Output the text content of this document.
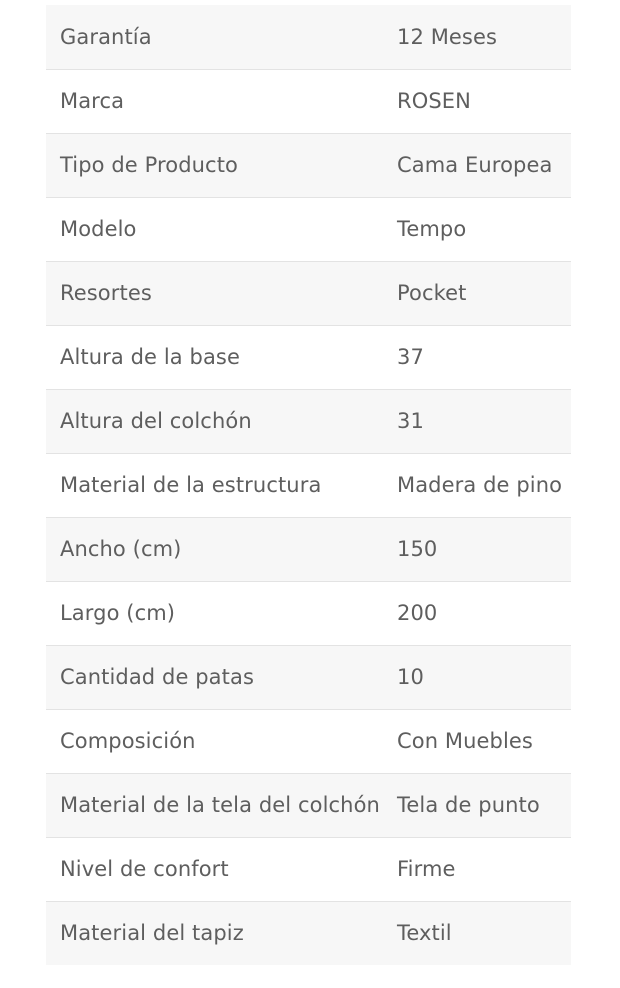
Garantía	12 Meses
Marca	ROSEN
Tipo de Producto	Cama Europea
Modelo	Tempo
Resortes	Pocket
Altura de la base	37
Altura del colchón	31
Material de la estructura	Madera de pino
Ancho (cm)	150
Largo (cm)	200
Cantidad de patas	10
Composición	Con Muebles
Material de la tela del colchón	Tela de punto
Nivel de confort	Firme
Material del tapiz	Textil
